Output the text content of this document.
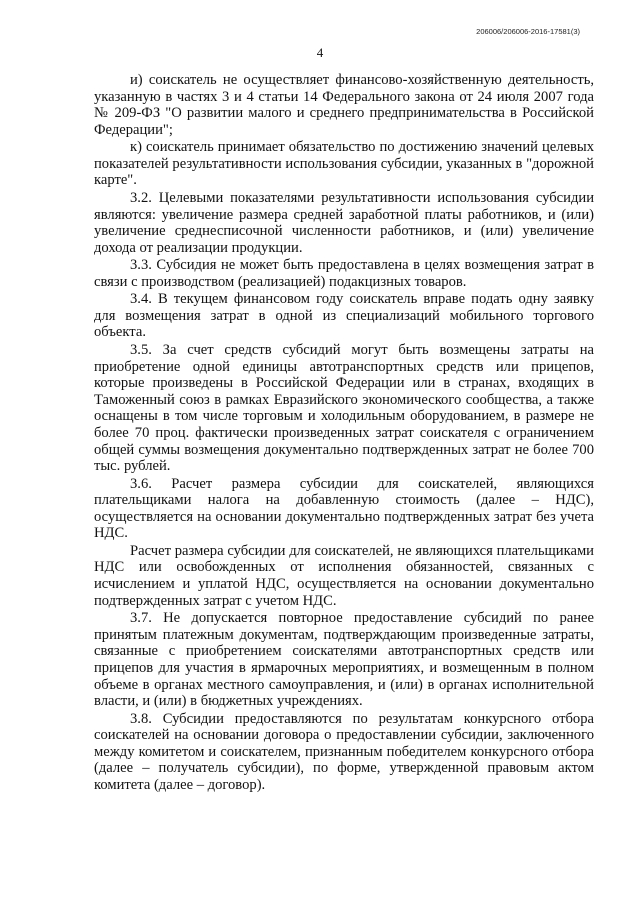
206006/206006-2016-17581(3)
4

и) соискатель не осуществляет финансово-хозяйственную деятельность, указанную в частях 3 и 4 статьи 14 Федерального закона от 24 июля 2007 года № 209-ФЗ "О развитии малого и среднего предпринимательства в Российской Федерации";

к) соискатель принимает обязательство по достижению значений целевых показателей результативности использования субсидии, указанных в "дорожной карте".

3.2. Целевыми показателями результативности использования субсидии являются: увеличение размера средней заработной платы работников, и (или) увеличение среднесписочной численности работников, и (или) увеличение дохода от реализации продукции.

3.3. Субсидия не может быть предоставлена в целях возмещения затрат в связи с производством (реализацией) подакцизных товаров.

3.4. В текущем финансовом году соискатель вправе подать одну заявку для возмещения затрат в одной из специализаций мобильного торгового объекта.

3.5. За счет средств субсидий могут быть возмещены затраты на приобретение одной единицы автотранспортных средств или прицепов, которые произведены в Российской Федерации или в странах, входящих в Таможенный союз в рамках Евразийского экономического сообщества, а также оснащены в том числе торговым и холодильным оборудованием, в размере не более 70 проц. фактически произведенных затрат соискателя с ограничением общей суммы возмещения документально подтвержденных затрат не более 700 тыс. рублей.

3.6. Расчет размера субсидии для соискателей, являющихся плательщиками налога на добавленную стоимость (далее – НДС), осуществляется на основании документально подтвержденных затрат без учета НДС.

Расчет размера субсидии для соискателей, не являющихся плательщиками НДС или освобожденных от исполнения обязанностей, связанных с исчислением и уплатой НДС, осуществляется на основании документально подтвержденных затрат с учетом НДС.

3.7. Не допускается повторное предоставление субсидий по ранее принятым платежным документам, подтверждающим произведенные затраты, связанные с приобретением соискателями автотранспортных средств или прицепов для участия в ярмарочных мероприятиях, и возмещенным в полном объеме в органах местного самоуправления, и (или) в органах исполнительной власти, и (или) в бюджетных учреждениях.

3.8. Субсидии предоставляются по результатам конкурсного отбора соискателей на основании договора о предоставлении субсидии, заключенного между комитетом и соискателем, признанным победителем конкурсного отбора (далее – получатель субсидии), по форме, утвержденной правовым актом комитета (далее – договор).
